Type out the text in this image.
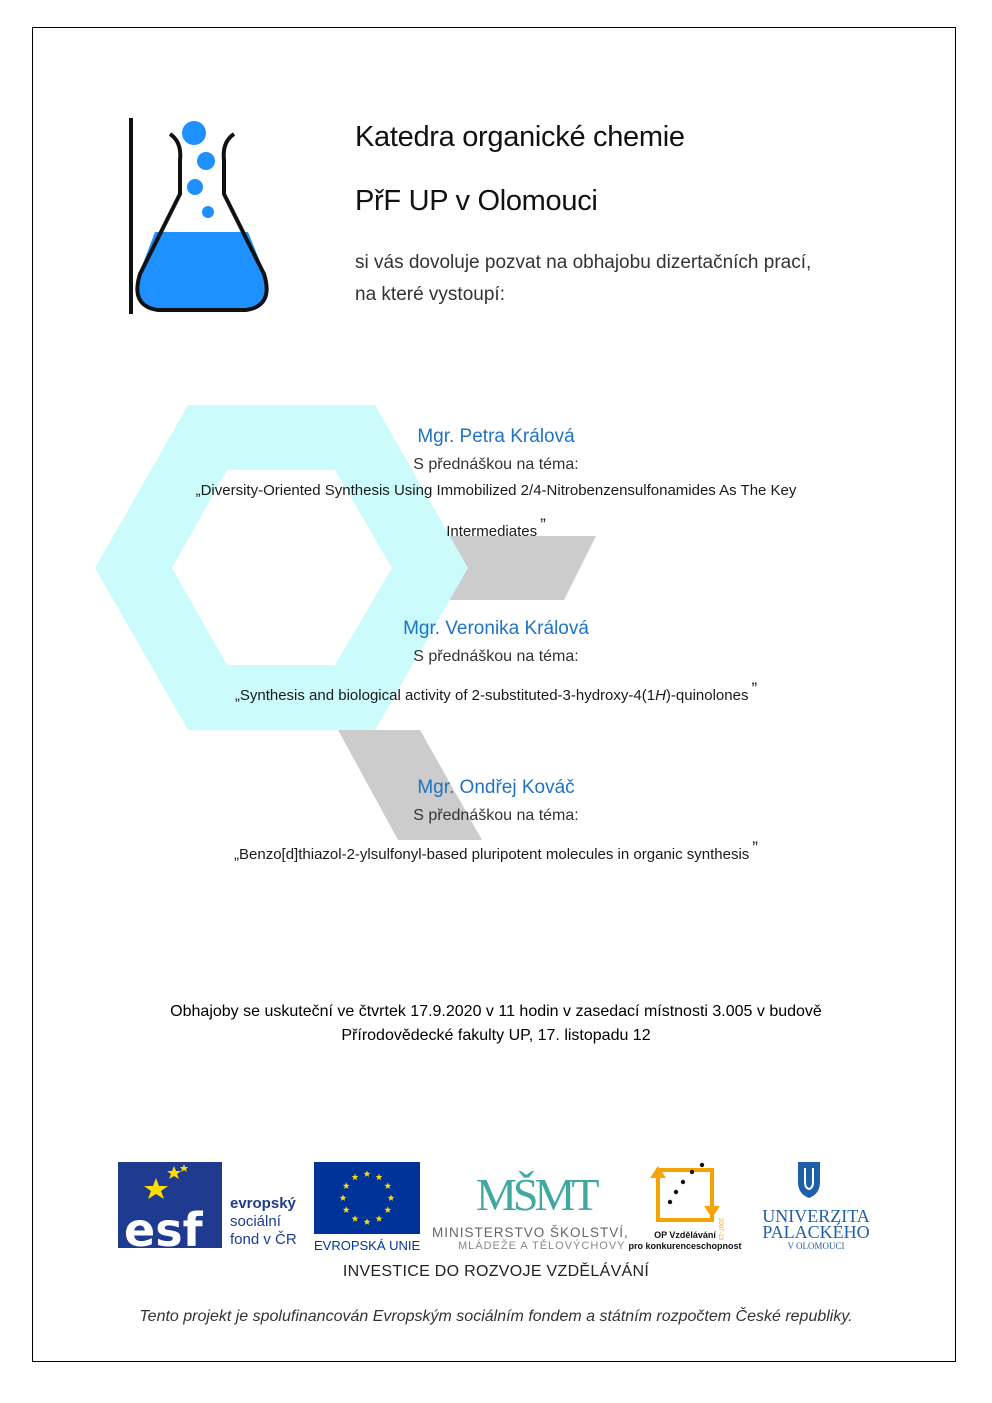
Katedra organické chemie
PřF UP v Olomouci
si vás dovoluje pozvat na obhajobu dizertačních prací,
na které vystoupí:
Mgr. Petra Králová
S přednáškou na téma:
„Diversity-Oriented Synthesis Using Immobilized 2/4-Nitrobenzensulfonamides As The Key
Intermediates ”
Mgr. Veronika Králová
S přednáškou na téma:
„Synthesis and biological activity of 2-substituted-3-hydroxy-4(1H)-quinolones ”
Mgr. Ondřej Kováč
S přednáškou na téma:
„Benzo[d]thiazol-2-ylsulfonyl-based pluripotent molecules in organic synthesis ”
Obhajoby se uskuteční ve čtvrtek 17.9.2020 v 11 hodin v zasedací místnosti 3.005 v budově
Přírodovědecké fakulty UP, 17. listopadu 12
esf evropský
sociální
fond v ČR EVROPSKÁ UNIE
MŠMT
MINISTERSTVO ŠKOLSTVÍ,
MLÁDEŽE A TĚLOVÝCHOVY
2007-13
OP Vzdělávání
pro konkurenceschopnost
UNIVERZITA
PALACKÉHO
V OLOMOUCI
INVESTICE DO ROZVOJE VZDĚLÁVÁNÍ
Tento projekt je spolufinancován Evropským sociálním fondem a státním rozpočtem České republiky.
